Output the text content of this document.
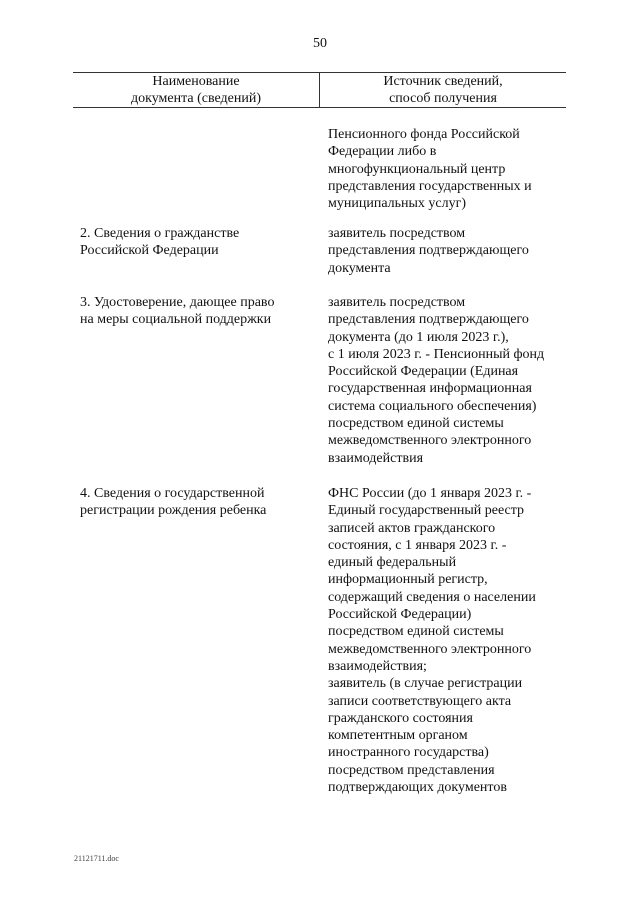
50
Наименование
документа (сведений)
Источник сведений,
способ получения
Пенсионного фонда Российской
Федерации либо в
многофункциональный центр
представления государственных и
муниципальных услуг)
2. Сведения о гражданстве
Российской Федерации
заявитель посредством
представления подтверждающего
документа
3. Удостоверение, дающее право
на меры социальной поддержки
заявитель посредством
представления подтверждающего
документа (до 1 июля 2023 г.),
с 1 июля 2023 г. - Пенсионный фонд
Российской Федерации (Единая
государственная информационная
система социального обеспечения)
посредством единой системы
межведомственного электронного
взаимодействия
4. Сведения о государственной
регистрации рождения ребенка
ФНС России (до 1 января 2023 г. -
Единый государственный реестр
записей актов гражданского
состояния, с 1 января 2023 г. -
единый федеральный
информационный регистр,
содержащий сведения о населении
Российской Федерации)
посредством единой системы
межведомственного электронного
взаимодействия;
заявитель (в случае регистрации
записи соответствующего акта
гражданского состояния
компетентным органом
иностранного государства)
посредством представления
подтверждающих документов
21121711.doc
